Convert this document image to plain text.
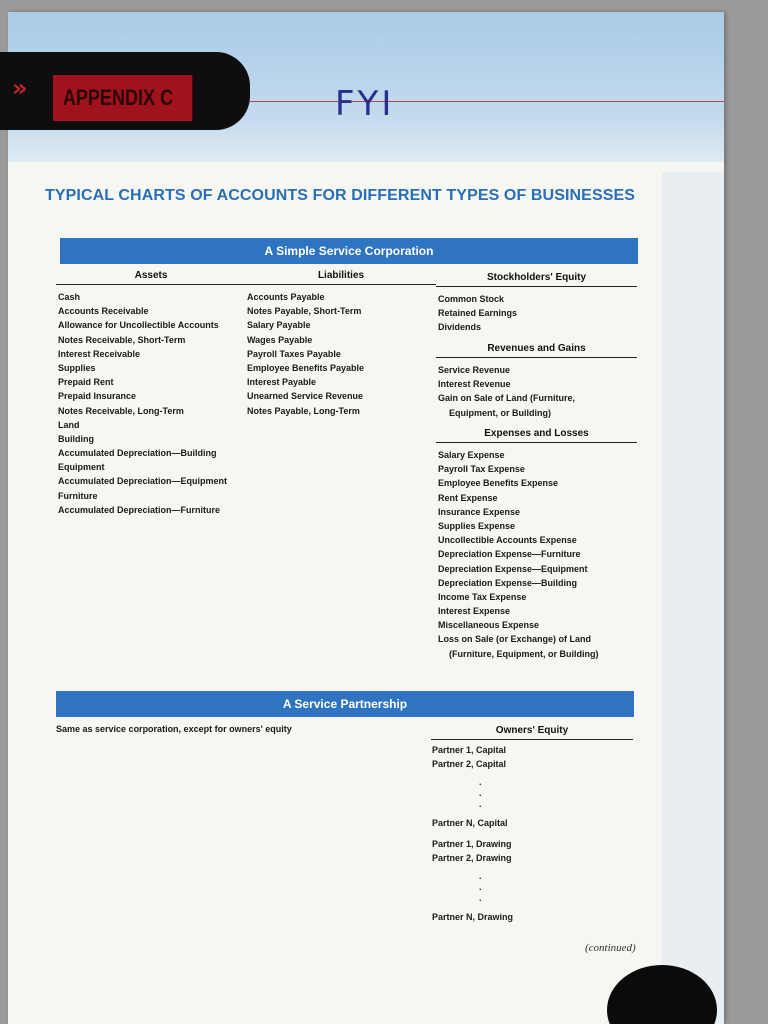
FYI
TYPICAL CHARTS OF ACCOUNTS FOR DIFFERENT TYPES OF BUSINESSES
A Simple Service Corporation
Assets
Cash
Accounts Receivable
Allowance for Uncollectible Accounts
Notes Receivable, Short-Term
Interest Receivable
Supplies
Prepaid Rent
Prepaid Insurance
Notes Receivable, Long-Term
Land
Building
Accumulated Depreciation—Building
Equipment
Accumulated Depreciation—Equipment
Furniture
Accumulated Depreciation—Furniture
Liabilities
Accounts Payable
Notes Payable, Short-Term
Salary Payable
Wages Payable
Payroll Taxes Payable
Employee Benefits Payable
Interest Payable
Unearned Service Revenue
Notes Payable, Long-Term
Stockholders' Equity
Common Stock
Retained Earnings
Dividends
Revenues and Gains
Service Revenue
Interest Revenue
Gain on Sale of Land (Furniture,
Equipment, or Building)
Expenses and Losses
Salary Expense
Payroll Tax Expense
Employee Benefits Expense
Rent Expense
Insurance Expense
Supplies Expense
Uncollectible Accounts Expense
Depreciation Expense—Furniture
Depreciation Expense—Equipment
Depreciation Expense—Building
Income Tax Expense
Interest Expense
Miscellaneous Expense
Loss on Sale (or Exchange) of Land
(Furniture, Equipment, or Building)
A Service Partnership
Same as service corporation, except for owners' equity	Owners' Equity
Partner 1, Capital
Partner 2, Capital
.
.
.
Partner N, Capital
Partner 1, Drawing
Partner 2, Drawing
.
.
.
Partner N, Drawing
(continued)
»	APPENDIX C
